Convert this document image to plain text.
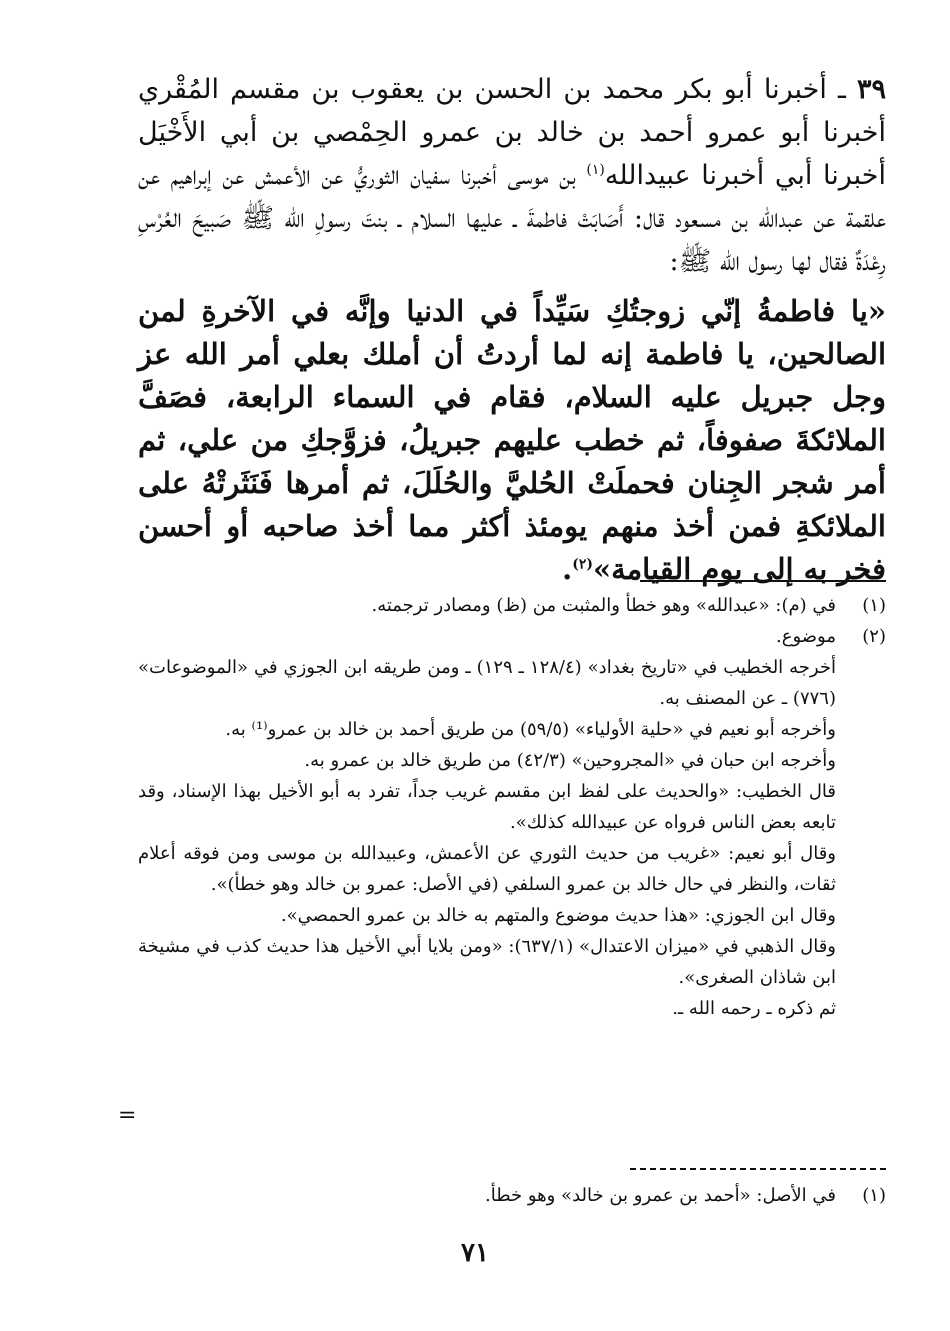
٣٩ ـ أخبرنا أبو بكر محمد بن الحسن بن يعقوب بن مقسم المُقْري أخبرنا أبو عمرو أحمد بن خالد بن عمرو الحِمْصي بن أبي الأَخْيَل أخبرنا أبي أخبرنا عبيدالله$^{(١)}$ بن موسى أخبرنا سفيان الثوريُّ عن الأعمش عن إبراهيم عن علقمة عن عبدالله بن مسعود قال: أَصَابَتْ فاطمةَ ـ عليها السلام ـ بنتَ رسولِ الله ﷺ صَبيحَ العُرْسِ رِعْدَةٌ فقال لها رسول الله ﷺ:
«يا فاطمةُ إنّي زوجتُكِ سَيِّداً في الدنيا وإنَّه في الآخرةِ لمن الصالحين، يا فاطمة إنه لما أردتُ أن أملك بعلي أمر الله عز وجل جبريل عليه السلام، فقام في السماء الرابعة، فصَفَّ الملائكةَ صفوفاً، ثم خطب عليهم جبريلُ، فزوَّجكِ من علي، ثم أمر شجر الجِنان فحملَتْ الحُليَّ والحُلَلَ، ثم أمرها فَنَثَرتْهُ على الملائكةِ فمن أخذ منهم يومئذ أكثر مما أخذ صاحبه أو أحسن فخر به إلى يوم القيامة»$^{(٢)}$.
(١)

في (م): «عبدالله» وهو خطأ والمثبت من (ظ) ومصادر ترجمته.

(٢)

موضوع.

أخرجه الخطيب في «تاريخ بغداد» (١٢٨/٤ ـ ١٢٩) ـ ومن طريقه ابن الجوزي في «الموضوعات» (٧٧٦) ـ عن المصنف به.

وأخرجه أبو نعيم في «حلية الأولياء» (٥٩/٥) من طريق أحمد بن خالد بن عمرو⁽¹⁾ به.

وأخرجه ابن حبان في «المجروحين» (٤٢/٣) من طريق خالد بن عمرو به.

قال الخطيب: «والحديث على لفظ ابن مقسم غريب جداً، تفرد به أبو الأخيل بهذا الإسناد، وقد تابعه بعض الناس فرواه عن عبيدالله كذلك».

وقال أبو نعيم: «غريب من حديث الثوري عن الأعمش، وعبيدالله بن موسى ومن فوقه أعلام ثقات، والنظر في حال خالد بن عمرو السلفي (في الأصل: عمرو بن خالد وهو خطأ)».

وقال ابن الجوزي: «هذا حديث موضوع والمتهم به خالد بن عمرو الحمصي».

وقال الذهبي في «ميزان الاعتدال» (٦٣٧/١): «ومن بلايا أبي الأخيل هذا حديث كذب في مشيخة ابن شاذان الصغرى».

ثم ذكره ـ رحمه الله ـ.

=
(١)

في الأصل: «أحمد بن عمرو بن خالد» وهو خطأ.

٧١
